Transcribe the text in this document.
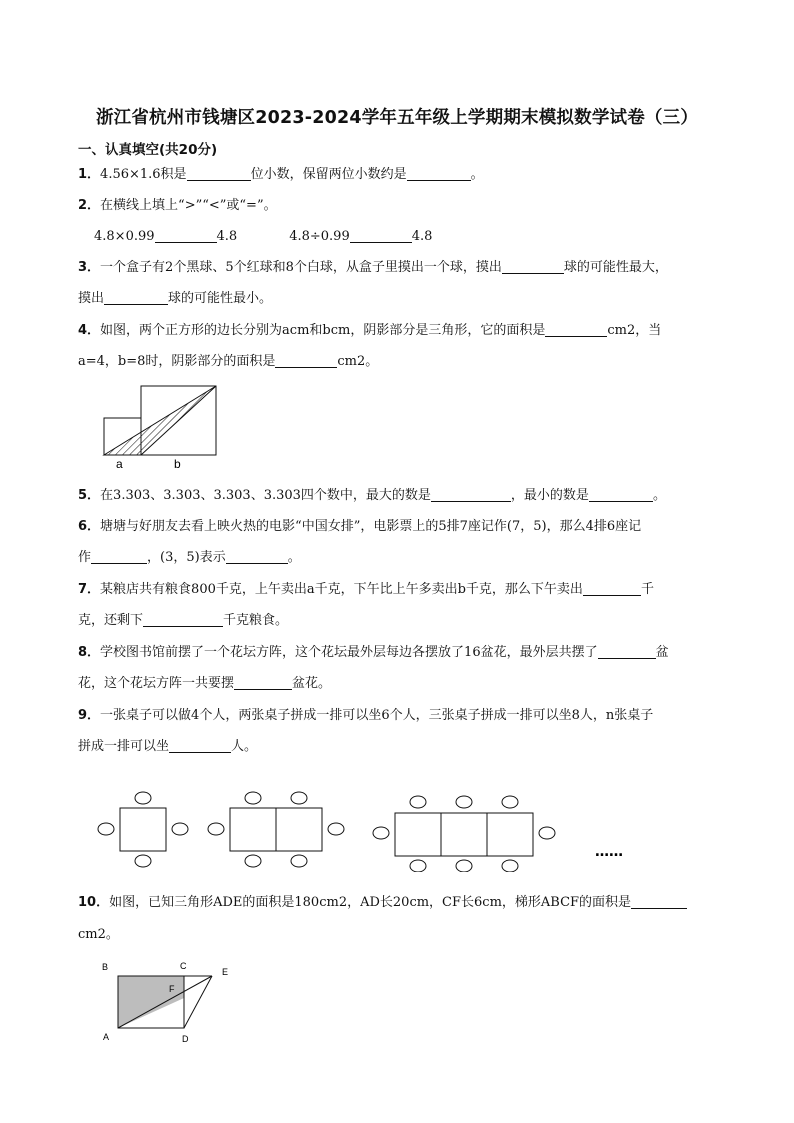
浙江省杭州市钱塘区2023-2024学年五年级上学期期末模拟数学试卷（三）
一、认真填空(共20分)
1．4.56×1.6积是	位小数，保留两位小数约是	。
2．在横线上填上“>”“<”或“=”。
4.8×0.99	4.8	4.8÷0.99	4.8
3．一个盒子有2个黑球、5个红球和8个白球，从盒子里摸出一个球，摸出	球的可能性最大，
摸出	球的可能性最小。
4．如图，两个正方形的边长分别为acm和bcm，阴影部分是三角形，它的面积是	cm2，当
a=4，b=8时，阴影部分的面积是	cm2。
a	b
5．在3.303、3.303、3.303、3.303四个数中，最大的数是	，最小的数是	。
6．塘塘与好朋友去看上映火热的电影“中国女排”，电影票上的5排7座记作(7，5)，那么4排6座记
作	，(3，5)表示	。
7．某粮店共有粮食800千克，上午卖出a千克，下午比上午多卖出b千克，那么下午卖出	千
克，还剩下	千克粮食。
8．学校图书馆前摆了一个花坛方阵，这个花坛最外层每边各摆放了16盆花，最外层共摆了	盆
花，这个花坛方阵一共要摆	盆花。
9．一张桌子可以做4个人，两张桌子拼成一排可以坐6个人，三张桌子拼成一排可以坐8人，n张桌子
拼成一排可以坐	人。
……
10．如图，已知三角形ADE的面积是180cm2，AD长20cm，CF长6cm，梯形ABCF的面积是
cm2。
B	C
E
F
A	D
